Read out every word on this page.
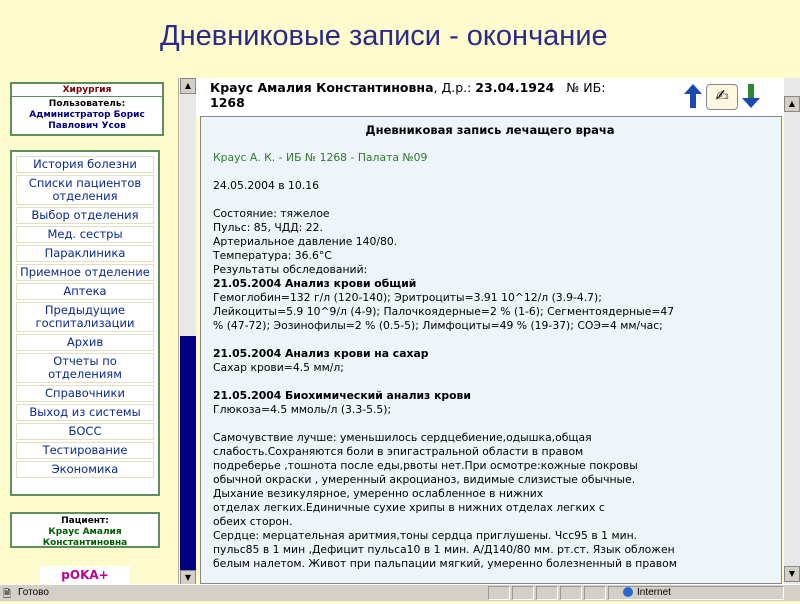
Дневниковые записи - окончание
Хирургия
Пользователь:
Администратор Борис Павлович Усов
История болезни
Списки пациентов отделения
Выбор отделения
Мед. сестры
Параклиника
Приемное отделение
Аптека
Предыдущие госпитализации
Архив
Отчеты по отделениям
Справочники
Выход из системы
БОСС
Тестирование
Экономика
Пациент:
Краус Амалия Константиновна
pOKA+
▲
▼
Краус Амалия Константиновна, Д.р.: 23.04.1924 № ИБ:
1268	✍
Дневниковая запись лечащего врача
Краус А. К. - ИБ № 1268 - Палата №09

24.05.2004 в 10.16

Состояние: тяжелое

Пульс: 85, ЧДД: 22.

Артериальное давление 140/80.

Температура: 36.6°C

Результаты обследований:

21.05.2004 Анализ крови общий

Гемоглобин=132 г/л (120-140); Эритроциты=3.91 10^12/л (3.9-4.7);

Лейкоциты=5.9 10^9/л (4-9); Палочкоядерные=2 % (1-6); Сегментоядерные=47

% (47-72); Эозинофилы=2 % (0.5-5); Лимфоциты=49 % (19-37); СОЭ=4 мм/час;

21.05.2004 Анализ крови на сахар

Сахар крови=4.5 мм/л;

21.05.2004 Биохимический анализ крови

Глюкоза=4.5 ммоль/л (3.3-5.5);

Самочувствие лучше: уменьшилось сердцебиение,одышка,общая

слабость.Сохраняются боли в эпигастральной области в правом

подреберье ,тошнота после еды,рвоты нет.При осмотре:кожные покровы

обычной окраски , умеренный акроцианоз, видимые слизистые обычные.

Дыхание везикулярное, умеренно ослабленное в нижних

отделах легких.Единичные сухие хрипы в нижних отделах легких с

обеих сторон.

Сердце: мерцательная аритмия,тоны сердца приглушены. Чсс95 в 1 мин.

пульс85 в 1 мин ,Дефицит пульса10 в 1 мин. А/Д140/80 мм. рт.ст. Язык обложен

белым налетом. Живот при пальпации мягкий, умеренно болезненный в правом

▲
▼
🗎 Готово	Internet
